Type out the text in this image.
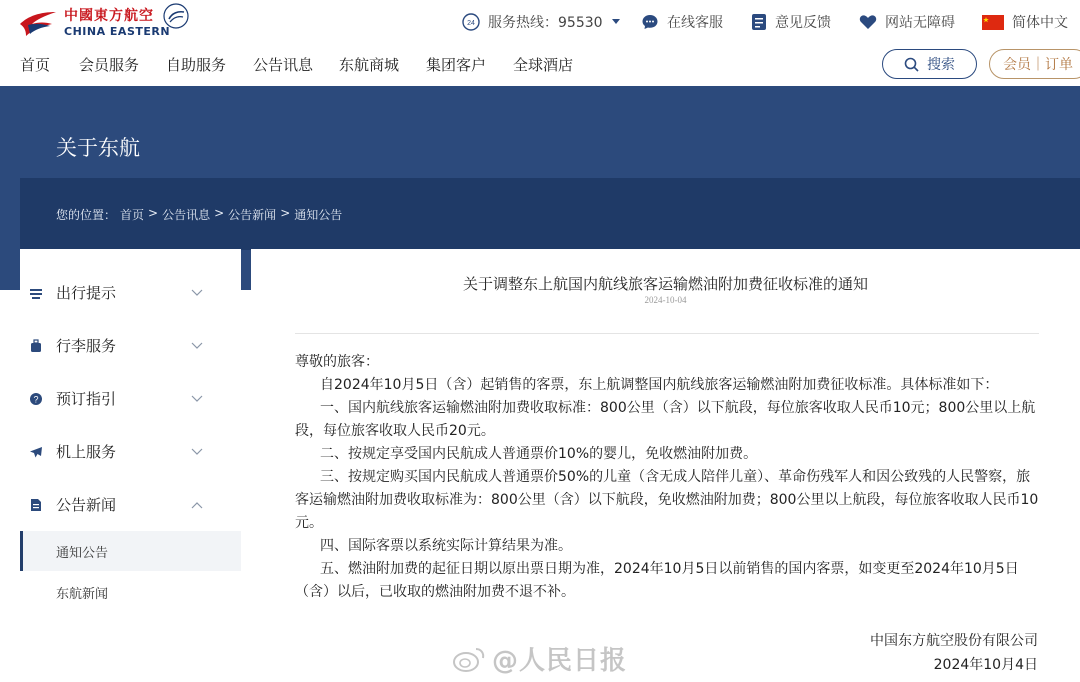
中國東方航空
CHINA EASTERN
24 服务热线：95530	在线客服	意见反馈	网站无障碍	简体中文
首页 会员服务 自助服务 公告讯息 东航商城 集团客户 全球酒店	搜索	会员｜订单
关于东航
您的位置： 首页 > 公告讯息 > 公告新闻 > 通知公告
出行提示
行李服务
? 预订指引
机上服务
公告新闻
通知公告
东航新闻
关于调整东上航国内航线旅客运输燃油附加费征收标准的通知
2024-10-04

尊敬的旅客：

自2024年10月5日（含）起销售的客票，东上航调整国内航线旅客运输燃油附加费征收标准。具体标准如下：

一、国内航线旅客运输燃油附加费收取标准：800公里（含）以下航段，每位旅客收取人民币10元；800公里以上航段，每位旅客收取人民币20元。

二、按规定享受国内民航成人普通票价10%的婴儿，免收燃油附加费。

三、按规定购买国内民航成人普通票价50%的儿童（含无成人陪伴儿童）、革命伤残军人和因公致残的人民警察，旅客运输燃油附加费收取标准为：800公里（含）以下航段，免收燃油附加费；800公里以上航段，每位旅客收取人民币10元。

四、国际客票以系统实际计算结果为准。

五、燃油附加费的起征日期以原出票日期为准，2024年10月5日以前销售的国内客票，如变更至2024年10月5日（含）以后，已收取的燃油附加费不退不补。

中国东方航空股份有限公司
2024年10月4日
@人民日报
